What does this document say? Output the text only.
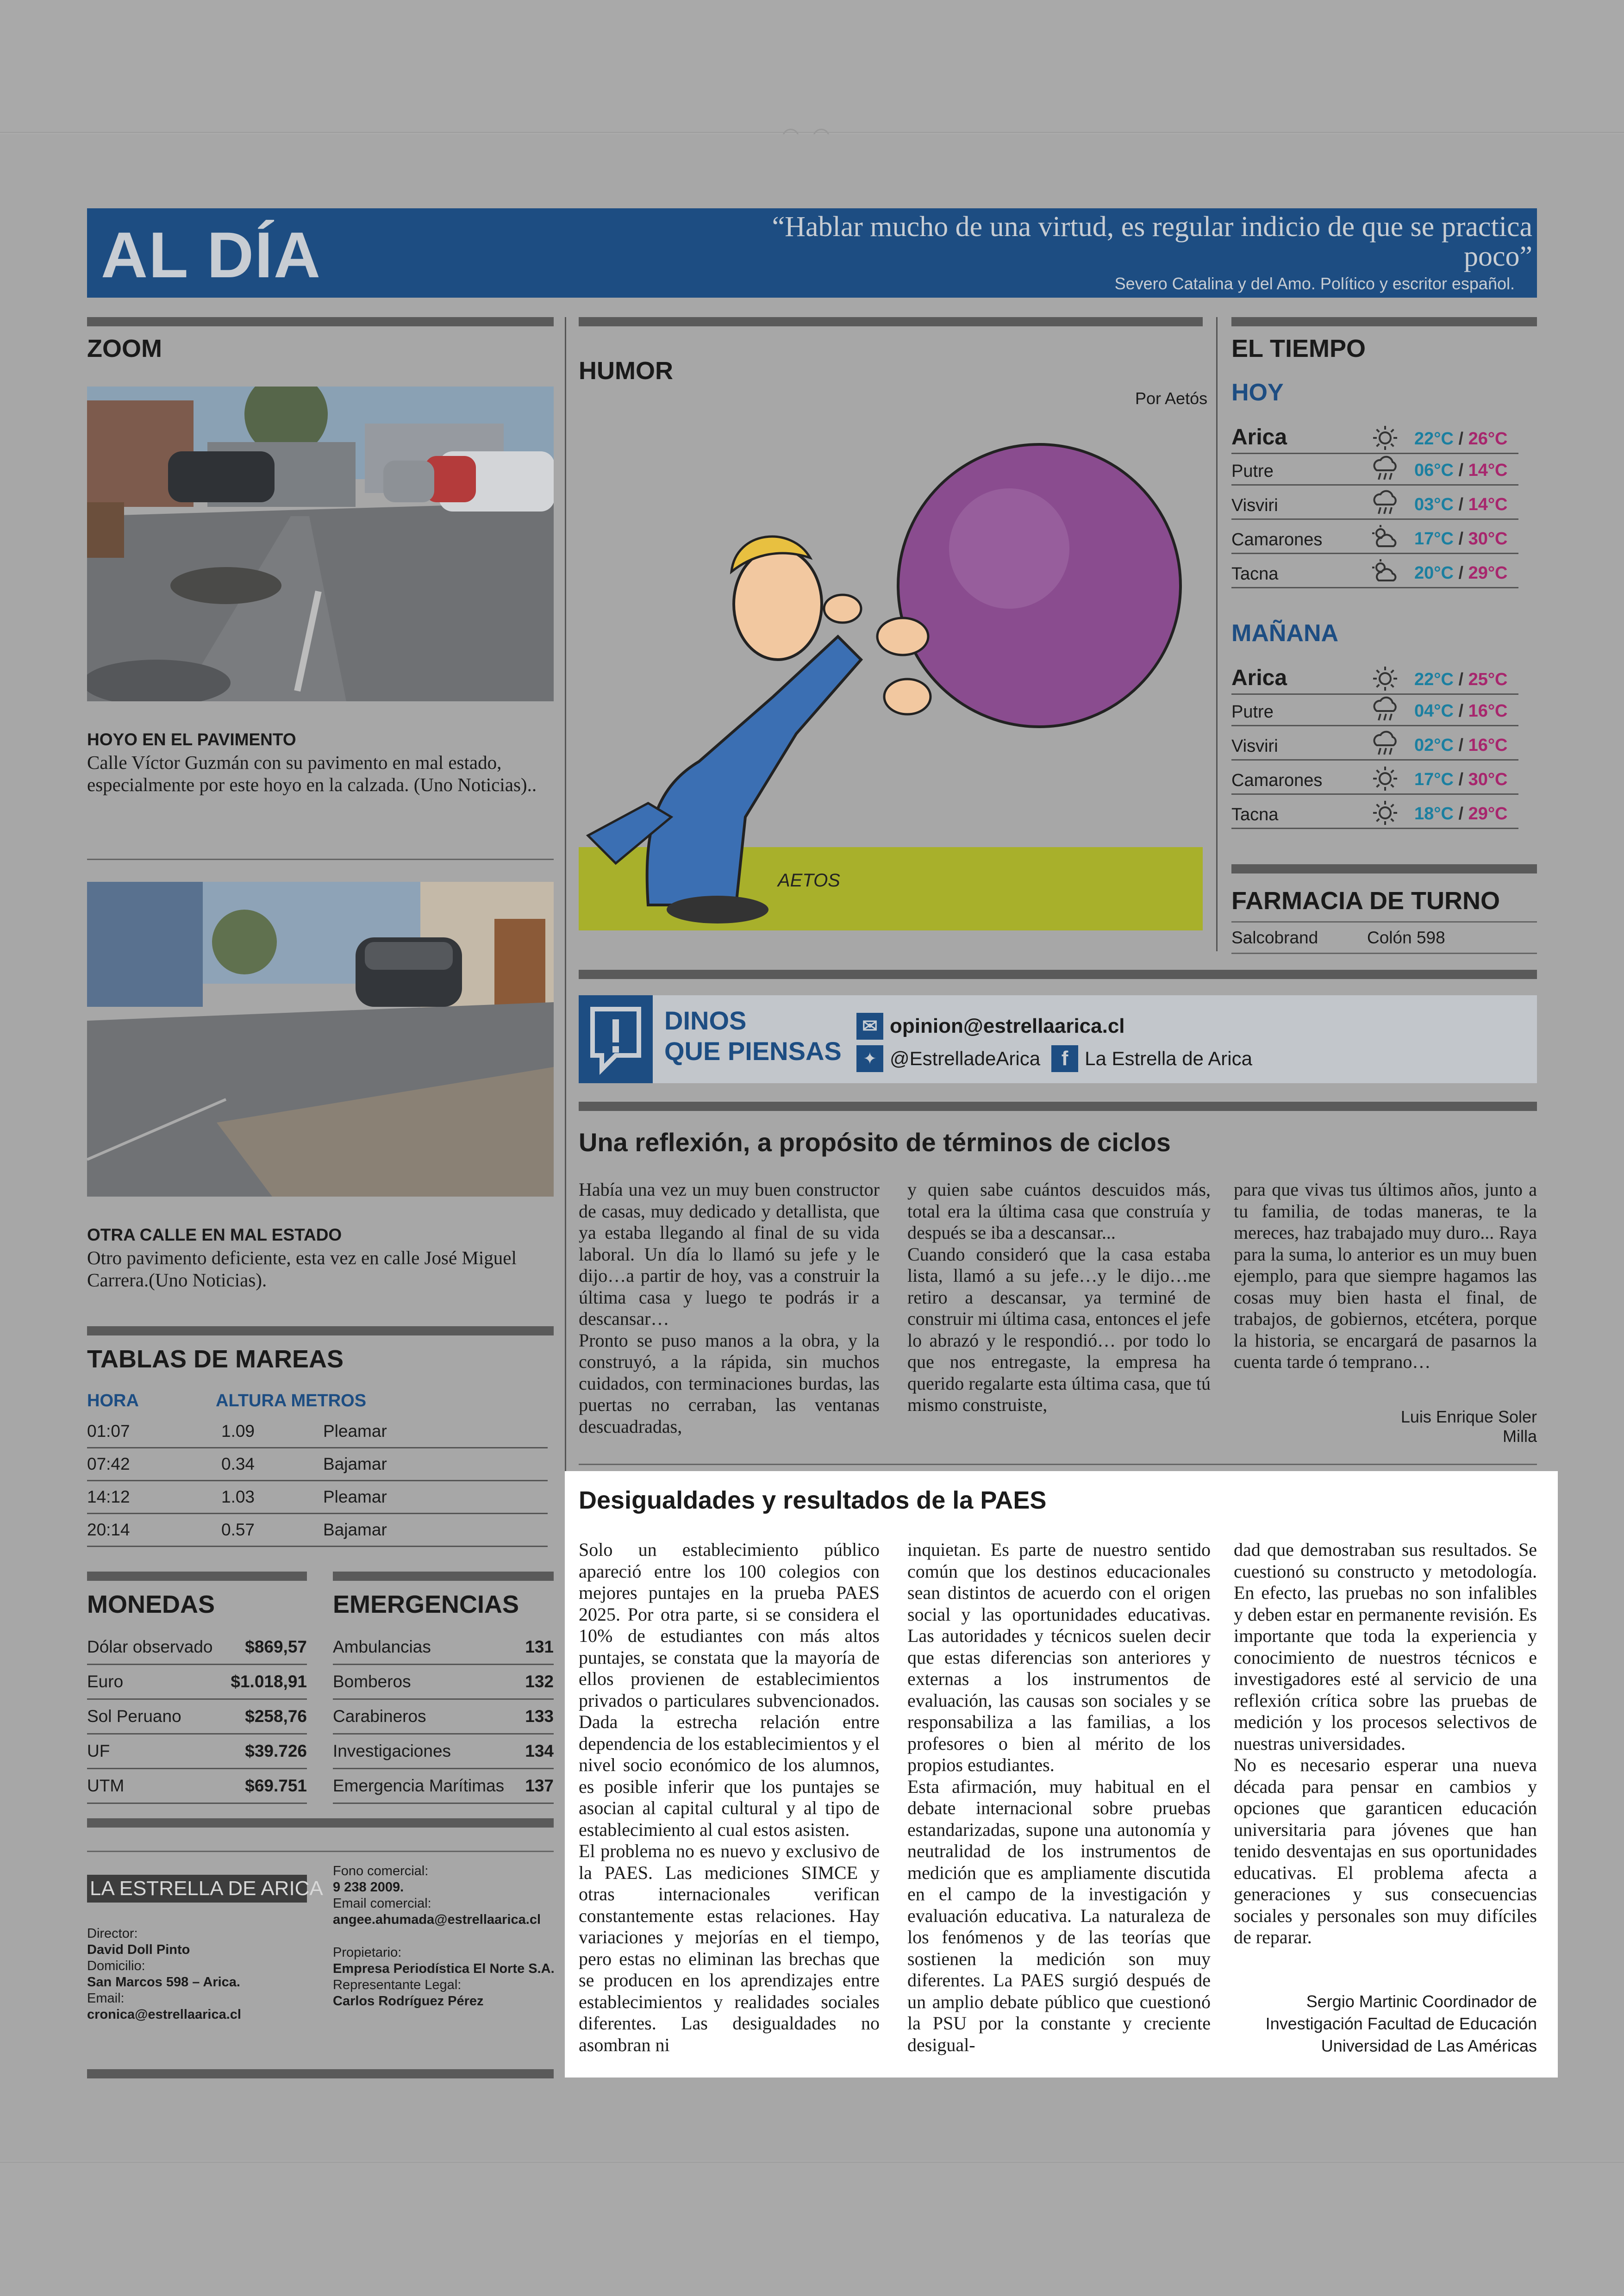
AL DÍA	“Hablar mucho de una virtud, es regular indicio de que se practica poco”
Severo Catalina y del Amo. Político y escritor español.
ZOOM
HOYO EN EL PAVIMENTO
Calle Víctor Guzmán con su pavimento en mal estado, especialmente por este hoyo en la calzada. (Uno Noticias)..
OTRA CALLE EN MAL ESTADO
Otro pavimento deficiente, esta vez en calle José Miguel Carrera.(Uno Noticias).
TABLAS DE MAREAS
HORA	ALTURA METROS
01:07	1.09	Pleamar
07:42	0.34	Bajamar
14:12	1.03	Pleamar
20:14	0.57	Bajamar
MONEDAS	EMERGENCIAS
Dólar observado	$869,57
Euro	$1.018,91
Sol Peruano	$258,76
UF	$39.726
UTM	$69.751
Ambulancias	131
Bomberos	132
Carabineros	133
Investigaciones	134
Emergencia Marítimas	137
LA ESTRELLA DE ARICA
Director:
David Doll Pinto
Domicilio:
San Marcos 598 – Arica.
Email:
cronica@estrellaarica.cl
Fono comercial:
9 238 2009.
Email comercial:
angee.ahumada@estrellaarica.cl
Propietario:
Empresa Periodística El Norte S.A.
Representante Legal:
Carlos Rodríguez Pérez
HUMOR
Por Aetós
AETOS
EL TIEMPO
HOY
Arica	22°C / 26°C
Putre	06°C / 14°C
Visviri	03°C / 14°C
Camarones	17°C / 30°C
Tacna	20°C / 29°C
MAÑANA
Arica	22°C / 25°C
Putre	04°C / 16°C
Visviri	02°C / 16°C
Camarones	17°C / 30°C
Tacna	18°C / 29°C
FARMACIA DE TURNO
Salcobrand	Colón 598
DINOS
QUE PIENSAS
✉ opinion@estrellaarica.cl
✦ @EstrelladeArica	f La Estrella de Arica
Una reflexión, a propósito de términos de ciclos
Había una vez un muy buen constructor de casas, muy dedicado y detallista, que ya estaba llegando al final de su vida laboral. Un día lo llamó su jefe y le dijo…a partir de hoy, vas a construir la última casa y luego te podrás ir a descansar…
Pronto se puso manos a la obra, y la construyó, a la rápida, sin muchos cuidados, con terminaciones burdas, las puertas no cerraban, las ventanas descuadradas,
y quien sabe cuántos descuidos más, total era la última casa que construía y después se iba a descansar...
Cuando consideró que la casa estaba lista, llamó a su jefe…y le dijo…me retiro a descansar, ya terminé de construir mi última casa, entonces el jefe lo abrazó y le respondió… por todo lo que nos entregaste, la empresa ha querido regalarte esta última casa, que tú mismo construiste,
para que vivas tus últimos años, junto a tu familia, de todas maneras, te la mereces, haz trabajado muy duro... Raya para la suma, lo anterior es un muy buen ejemplo, para que siempre hagamos las cosas muy bien hasta el final, de trabajos, de gobiernos, etcétera, porque la historia, se encargará de pasarnos la cuenta tarde ó temprano…
Luis Enrique Soler Milla
Desigualdades y resultados de la PAES
Solo un establecimiento público apareció entre los 100 colegios con mejores puntajes en la prueba PAES 2025. Por otra parte, si se considera el 10% de estudiantes con más altos puntajes, se constata que la mayoría de ellos provienen de establecimientos privados o particulares subvencionados. Dada la estrecha relación entre dependencia de los establecimientos y el nivel socio económico de los alumnos, es posible inferir que los puntajes se asocian al capital cultural y al tipo de establecimiento al cual estos asisten.
El problema no es nuevo y exclusivo de la PAES. Las mediciones SIMCE y otras internacionales verifican constantemente estas relaciones. Hay variaciones y mejorías en el tiempo, pero estas no eliminan las brechas que se producen en los aprendizajes entre establecimientos y realidades sociales diferentes. Las desigualdades no asombran ni
inquietan. Es parte de nuestro sentido común que los destinos educacionales sean distintos de acuerdo con el origen social y las oportunidades educativas. Las autoridades y técnicos suelen decir que estas diferencias son anteriores y externas a los instrumentos de evaluación, las causas son sociales y se responsabiliza a las familias, a los profesores o bien al mérito de los propios estudiantes.
Esta afirmación, muy habitual en el debate internacional sobre pruebas estandarizadas, supone una autonomía y neutralidad de los instrumentos de medición que es ampliamente discutida en el campo de la investigación y evaluación educativa. La naturaleza de los fenómenos y de las teorías que sostienen la medición son muy diferentes. La PAES surgió después de un amplio debate público que cuestionó la PSU por la constante y creciente desigual-
dad que demostraban sus resultados. Se cuestionó su constructo y metodología. En efecto, las pruebas no son infalibles y deben estar en permanente revisión. Es importante que toda la experiencia y conocimiento de nuestros técnicos e investigadores esté al servicio de una reflexión crítica sobre las pruebas de medición y los procesos selectivos de nuestras universidades.
No es necesario esperar una nueva década para pensar en cambios y opciones que garanticen educación universitaria para jóvenes que han tenido desventajas en sus oportunidades educativas. El problema afecta a generaciones y sus consecuencias sociales y personales son muy difíciles de reparar.
Sergio Martinic Coordinador de
Investigación Facultad de Educación
Universidad de Las Américas
